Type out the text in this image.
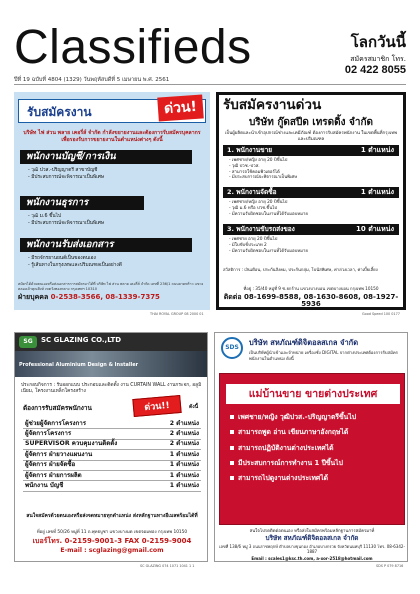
Classifieds	โลกวันนี้
สมัครสมาชิก โทร.
02 422 8055
ปีที่ 19 ฉบับที่ 4804 (1329) วันพฤหัสบดีที่ 5 เมษายน พ.ศ. 2561
รับสมัครงาน	ด่วน!
บริษัท ไฟ ส่วน พลาย เคอรี่ส์ จำกัด กำลังขยายงานและต้องการรับสมัครบุคลากร เพื่อรองรับการขยายงานในตำแหน่งต่างๆ ดังนี้
พนักงานบัญชี/การเงิน
- วุฒิ ปวส.-ปริญญาตรี สาขาบัญชี
- มีประสบการณ์จะพิจารณาเป็นพิเศษ
พนักงานธุรการ
- วุฒิ ม.6 ขึ้นไป
- มีประสบการณ์จะพิจารณาเป็นพิเศษ
พนักงานรับส่งเอกสาร
- มีรถจักรยานยนต์เป็นของตนเอง
- รู้เส้นทางในกรุงเทพและปริมณฑลเป็นอย่างดี
สมัครได้ด้วยตนเองหรือส่งเอกสารการสมัครมาได้ที่ บริษัท ไฟ ส่วน พลาย เคอรี่ส์ จำกัด เลขที่ 236/1 ถนนลาดพร้าว แขวงคลองเจ้าคุณสิงห์ เขตวังทองหลาง กรุงเทพฯ 10310
ฝ่ายบุคคล 0-2538-3566, 08-1339-7375
THAI ROYAL GROUP 08 2000 01
รับสมัครงานด่วน
บริษัท กู๊ดสปีด เทรดดิ้ง จำกัด
เป็นผู้ผลิตและนำเข้าอุปกรณ์ช่างและเคมีภัณฑ์ ต้องการรับสมัครพนักงาน ในเขตพื้นที่กรุงเทพและปริมณฑล
1 ตำแหน่ง
1. พนักงานขาย
- เพศชาย/หญิง อายุ 20 ปีขึ้นไป
- วุฒิ ปวช.-ปวส.
- สามารถใช้คอมพิวเตอร์ได้
- มีประสบการณ์จะพิจารณาเป็นพิเศษ
1 ตำแหน่ง
2. พนักงานจัดซื้อ
- เพศชาย/หญิง อายุ 20 ปีขึ้นไป
- วุฒิ ม.6 หรือ ปวช.ขึ้นไป
- มีความรับผิดชอบในงานที่ได้รับมอบหมาย
10 ตำแหน่ง
3. พนักงานขับรถส่งของ
- เพศชาย อายุ 20 ปีขึ้นไป
- มีใบขับขี่ประเภท 2
- มีความรับผิดชอบในงานที่ได้รับมอบหมาย
สวัสดิการ : เงินเดือน, ประกันสังคม, ประกันกลุ่ม, โบนัสพิเศษ, ค่าล่วงเวลา, ค่าเบี้ยเลี้ยง
ที่อยู่ : 35/40 หมู่ที่ 9 ซ.ยกร้าน แขวงบางบอน เขตบางบอน กรุงเทพ 10150
ติดต่อ 08-1699-8588, 08-1630-8608, 08-1927-5936
Good Speed 100 0177
SG	SC GLAZING CO.,LTD
Professional Aluminium Design & Installer
ประกอบกิจการ : รับออกแบบ ประกอบและติดตั้ง งาน CURTAIN WALL งานกระจก, อลูมิเนียม, โครงงานเหล็กโครงสร้าง
ต้องการรับสมัครพนักงาน	ด่วน!!	ดังนี้
ผู้ช่วยผู้จัดการโครงการ	2 ตำแหน่ง
ผู้จัดการโครงการ	2 ตำแหน่ง
SUPERVISOR ควบคุมงานติดตั้ง	2 ตำแหน่ง
ผู้จัดการ ฝ่ายวางแผนงาน	1 ตำแหน่ง
ผู้จัดการ ฝ่ายจัดซื้อ	1 ตำแหน่ง
ผู้จัดการ ฝ่ายการผลิต	1 ตำแหน่ง
พนักงาน บัญชี	1 ตำแหน่ง
สนใจสมัครด้วยตนเองหรือส่งจดหมายทุกตำแหน่ง ส่งหลักฐานทางอีเมลพร้อมได้ที่
ที่อยู่ เลขที่ 50/26 หมู่ที่ 11 ถ.พุทธบูชา แขวงบางมด เขตจอมทอง กรุงเทพ 10150
เบอร์โทร. 0-2159-9001-3 FAX 0-2159-9004
E-mail : scglazing@gmail.com
SC GLAZING 074 1071 1041 1 1
SDS
บริษัท สหภัณฑ์ดิจิตอลสเกล จำกัด
เป็นบริษัทผู้นำเข้าและจำหน่าย เครื่องชั่ง DIGITAL จากต่างประเทศต้องการรับสมัครพนักงานในตำแหน่ง ดังนี้
แม่บ้านขาย ขายต่างประเทศ
เพศชาย/หญิง วุฒิปวส.-ปริญญาตรีขึ้นไป
สามารถพูด อ่าน เขียนภาษาอังกฤษได้
สามารถปฏิบัติงานต่างประเทศได้
มีประสบการณ์การทำงาน 1 ปีขึ้นไป
สามารถไปดูงานต่างประเทศได้
สนใจโปรดติดต่อตนเอง หรือส่งใบสมัครพร้อมหลักฐานการสมัครมาที่
บริษัท สหภัณฑ์ดิจิตอลสเกล จำกัด
เลขที่ 138/6 หมู่ 3 ถนนราชพฤกษ์ ตำบลบางขุนกอง อำเภอบางกรวย จังหวัดนนทบุรี 11130 โทร. 08-6342-1887
Email : scales1@ksc.th.com, a-xor-2518@hotmail.com
SDS P 079 8716
